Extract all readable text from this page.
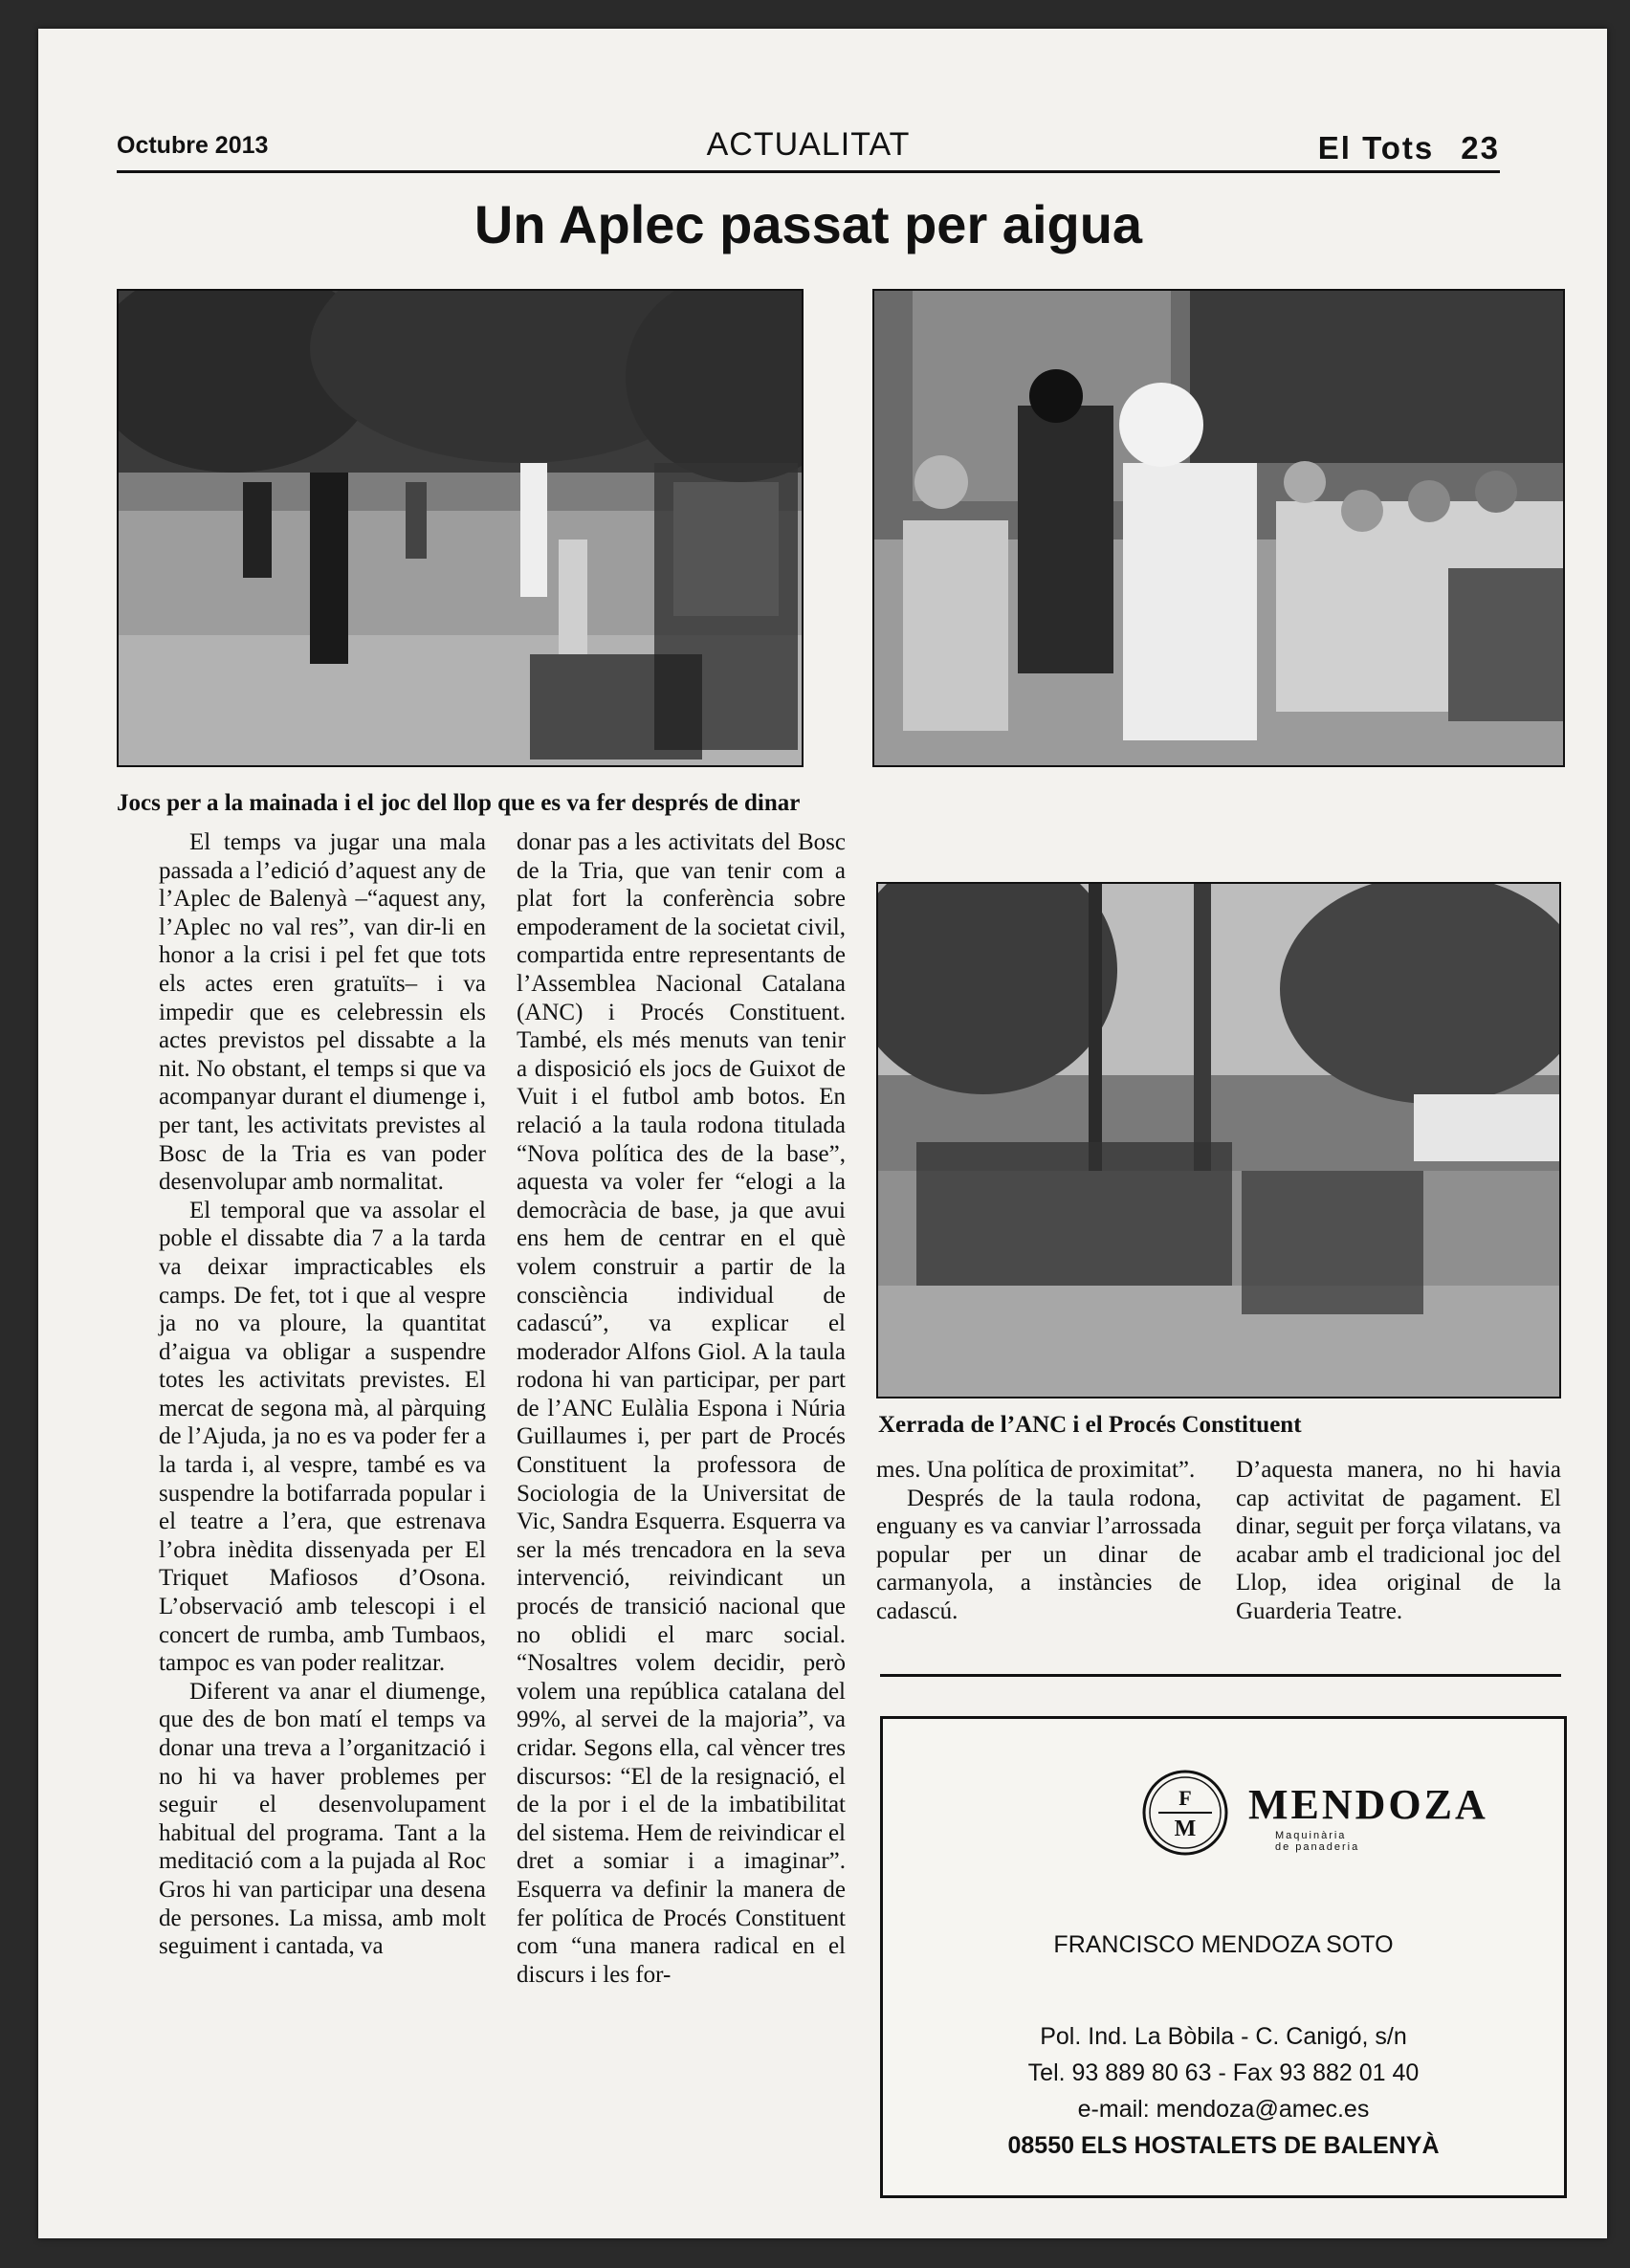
Octubre 2013	ACTUALITAT	El Tots 23
Un Aplec passat per aigua
Jocs per a la mainada i el joc del llop que es va fer després de dinar

El temps va jugar una mala passada a l’edició d’aquest any de l’Aplec de Balenyà –“aquest any, l’Aplec no val res”, van dir-li en honor a la crisi i pel fet que tots els actes eren gratuïts– i va impedir que es celebressin els actes previstos pel dissabte a la nit. No obstant, el temps si que va acompanyar durant el diumenge i, per tant, les activitats previstes al Bosc de la Tria es van poder desenvolupar amb normalitat.

El temporal que va assolar el poble el dissabte dia 7 a la tarda va deixar impracticables els camps. De fet, tot i que al vespre ja no va ploure, la quantitat d’aigua va obligar a suspendre totes les activitats previstes. El mercat de segona mà, al pàrquing de l’Ajuda, ja no es va poder fer a la tarda i, al vespre, també es va suspendre la botifarrada popular i el teatre a l’era, que estrenava l’obra inèdita dissenyada per El Triquet Mafiosos d’Osona. L’observació amb telescopi i el concert de rumba, amb Tumbaos, tampoc es van poder realitzar.

Diferent va anar el diumenge, que des de bon matí el temps va donar una treva a l’organització i no hi va haver problemes per seguir el desenvolupament habitual del programa. Tant a la meditació com a la pujada al Roc Gros hi van participar una desena de persones. La missa, amb molt seguiment i cantada, va

donar pas a les activitats del Bosc de la Tria, que van tenir com a plat fort la conferència sobre empoderament de la societat civil, compartida entre representants de l’Assemblea Nacional Catalana (ANC) i Procés Constituent. També, els més menuts van tenir a disposició els jocs de Guixot de Vuit i el futbol amb botos. En relació a la taula rodona titulada “Nova política des de la base”, aquesta va voler fer “elogi a la democràcia de base, ja que avui ens hem de centrar en el què volem construir a partir de la consciència individual de cadascú”, va explicar el moderador Alfons Giol. A la taula rodona hi van participar, per part de l’ANC Eulàlia Espona i Núria Guillaumes i, per part de Procés Constituent la professora de Sociologia de la Universitat de Vic, Sandra Esquerra. Esquerra va ser la més trencadora en la seva intervenció, reivindicant un procés de transició nacional que no oblidi el marc social. “Nosaltres volem decidir, però volem una república catalana del 99%, al servei de la majoria”, va cridar. Segons ella, cal vèncer tres discursos: “El de la resignació, el de la por i el de la imbatibilitat del sistema. Hem de reivindicar el dret a somiar i a imaginar”. Esquerra va definir la manera de fer política de Procés Constituent com “una manera radical en el discurs i les for-

Xerrada de l’ANC i el Procés Constituent

mes. Una política de proximitat”.

Després de la taula rodona, enguany es va canviar l’arrossada popular per un dinar de carmanyola, a instàncies de cadascú.

D’aquesta manera, no hi havia cap activitat de pagament. El dinar, seguit per força vilatans, va acabar amb el tradicional joc del Llop, idea original de la Guarderia Teatre.

F
M
MENDOZA
Maquinària
de panaderia
FRANCISCO MENDOZA SOTO
Pol. Ind. La Bòbila - C. Canigó, s/n
Tel. 93 889 80 63 - Fax 93 882 01 40
e-mail: mendoza@amec.es
08550 ELS HOSTALETS DE BALENYÀ
